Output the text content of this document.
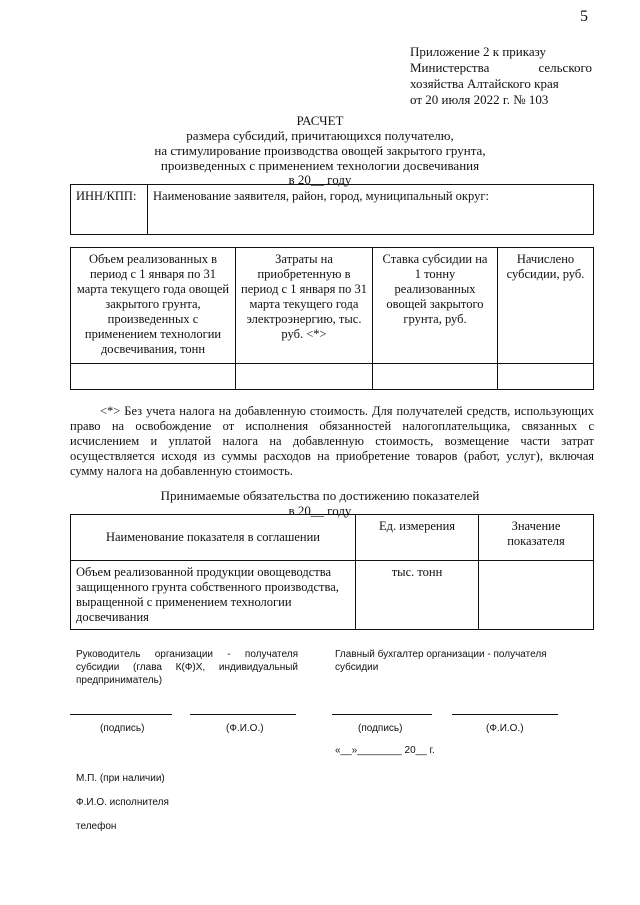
5
Приложение 2 к приказу
Министерства	сельского
хозяйства Алтайского края
от 20 июля 2022 г. № 103
РАСЧЕТ
размера субсидий, причитающихся получателю,
на стимулирование производства овощей закрытого грунта,
произведенных с применением технологии досвечивания
в 20__ году
ИНН/КПП:	Наименование заявителя, район, город, муниципальный округ:
Объем реализованных в период с 1 января по 31 марта текущего года овощей закрытого грунта, произведенных с применением технологии досвечивания, тонн	Затраты на приобретенную в период с 1 января по 31 марта текущего года электроэнергию, тыс. руб. <*>	Ставка субсидии на 1 тонну реализованных овощей закрытого грунта, руб.	Начислено субсидии, руб.

<*> Без учета налога на добавленную стоимость. Для получателей средств, использующих право на освобождение от исполнения обязанностей налогоплательщика, связанных с исчислением и уплатой налога на добавленную стоимость, возмещение части затрат осуществляется исходя из суммы расходов на приобретение товаров (работ, услуг), включая сумму налога на добавленную стоимость.

Принимаемые обязательства по достижению показателей
в 20__ году
Наименование показателя в соглашении	Ед. измерения	Значение показателя
Объем реализованной продукции овощеводства защищенного грунта собственного производства, выращенной с применением технологии досвечивания	тыс. тонн	
Руководитель организации - получателя субсидии (глава К(Ф)Х, индивидуальный предприниматель)
Главный бухгалтер организации - получателя субсидии
(подпись)	(Ф.И.О.)	(подпись)	(Ф.И.О.)
«__»________ 20__ г.
М.П. (при наличии)
Ф.И.О. исполнителя
телефон
